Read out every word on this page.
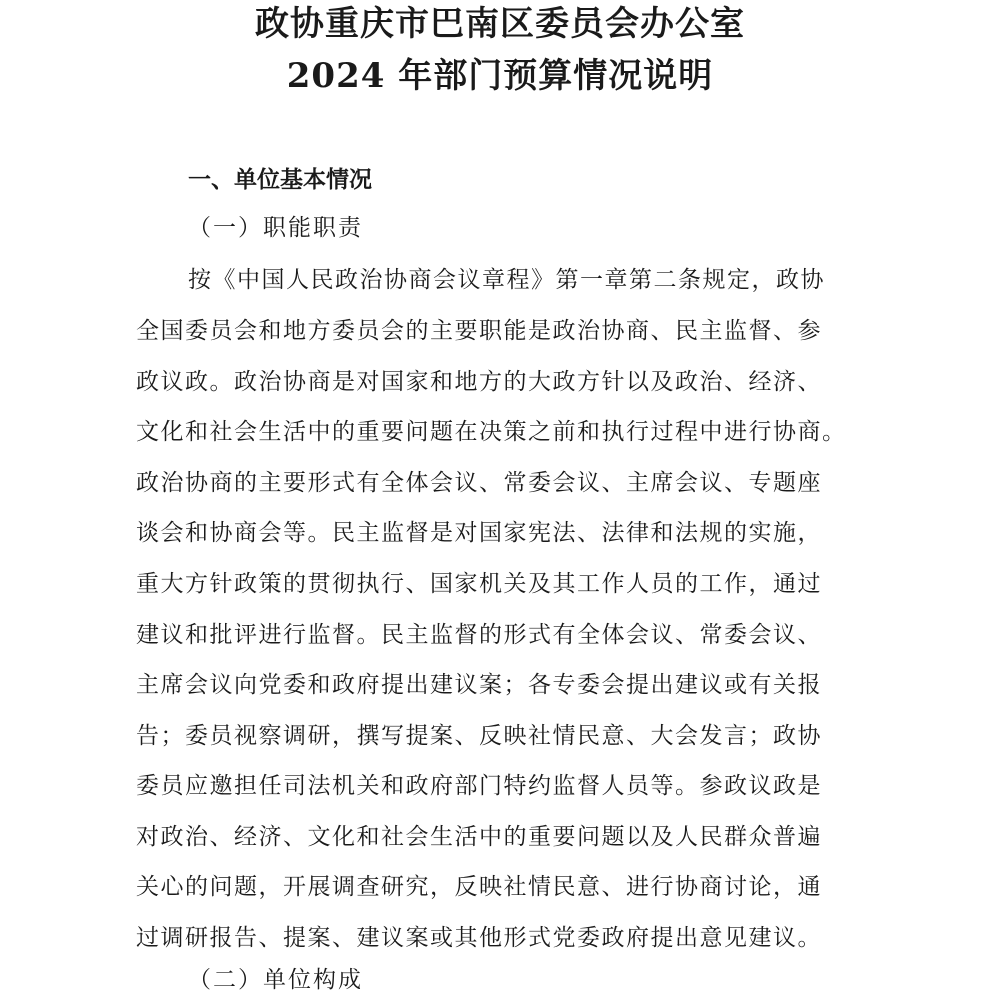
政协重庆市巴南区委员会办公室
2024 年部门预算情况说明
一、单位基本情况
（一）职能职责
按《中国人民政治协商会议章程》第一章第二条规定，政协
全国委员会和地方委员会的主要职能是政治协商、民主监督、参
政议政。政治协商是对国家和地方的大政方针以及政治、经济、
文化和社会生活中的重要问题在决策之前和执行过程中进行协商。
政治协商的主要形式有全体会议、常委会议、主席会议、专题座
谈会和协商会等。民主监督是对国家宪法、法律和法规的实施，
重大方针政策的贯彻执行、国家机关及其工作人员的工作，通过
建议和批评进行监督。民主监督的形式有全体会议、常委会议、
主席会议向党委和政府提出建议案；各专委会提出建议或有关报
告；委员视察调研，撰写提案、反映社情民意、大会发言；政协
委员应邀担任司法机关和政府部门特约监督人员等。参政议政是
对政治、经济、文化和社会生活中的重要问题以及人民群众普遍
关心的问题，开展调查研究，反映社情民意、进行协商讨论，通
过调研报告、提案、建议案或其他形式党委政府提出意见建议。
（二）单位构成
